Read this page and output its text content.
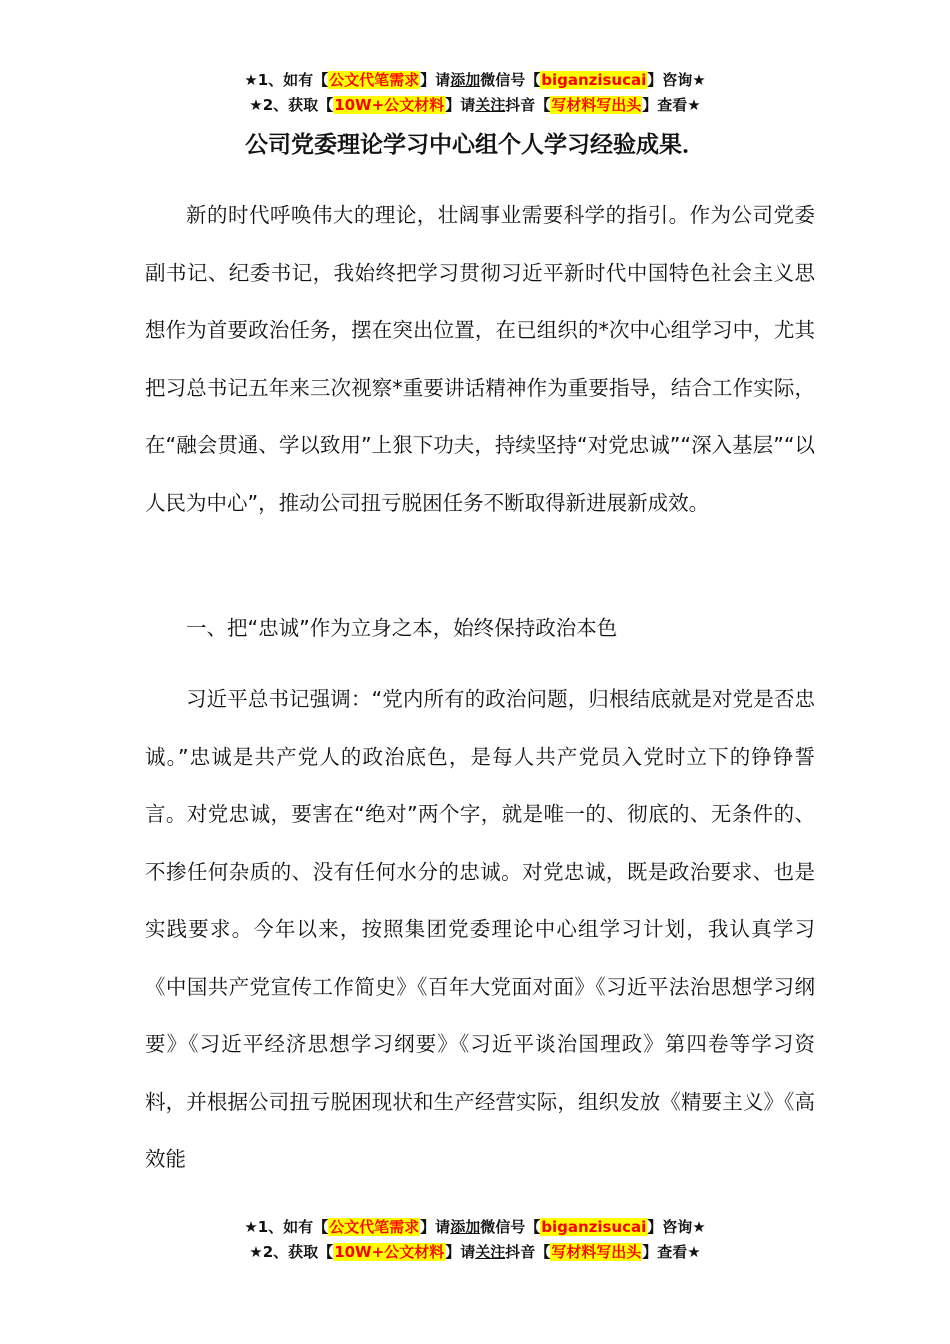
★1、如有【公文代笔需求】请添加微信号【biganzisucai】咨询★
★2、获取【10W+公文材料】请关注抖音【写材料写出头】查看★
公司党委理论学习中心组个人学习经验成果．

新的时代呼唤伟大的理论，壮阔事业需要科学的指引。作为公司党委副书记、纪委书记，我始终把学习贯彻习近平新时代中国特色社会主义思想作为首要政治任务，摆在突出位置，在已组织的*次中心组学习中，尤其把习总书记五年来三次视察*重要讲话精神作为重要指导，结合工作实际，在“融会贯通、学以致用”上狠下功夫，持续坚持“对党忠诚”“深入基层”“以人民为中心”，推动公司扭亏脱困任务不断取得新进展新成效。

一、把“忠诚”作为立身之本，始终保持政治本色

习近平总书记强调：“党内所有的政治问题，归根结底就是对党是否忠诚。”忠诚是共产党人的政治底色，是每人共产党员入党时立下的铮铮誓言。对党忠诚，要害在“绝对”两个字，就是唯一的、彻底的、无条件的、不掺任何杂质的、没有任何水分的忠诚。对党忠诚，既是政治要求、也是实践要求。今年以来，按照集团党委理论中心组学习计划，我认真学习《中国共产党宣传工作简史》《百年大党面对面》《习近平法治思想学习纲要》《习近平经济思想学习纲要》《习近平谈治国理政》第四卷等学习资料，并根据公司扭亏脱困现状和生产经营实际，组织发放《精要主义》《高效能

★1、如有【公文代笔需求】请添加微信号【biganzisucai】咨询★
★2、获取【10W+公文材料】请关注抖音【写材料写出头】查看★
